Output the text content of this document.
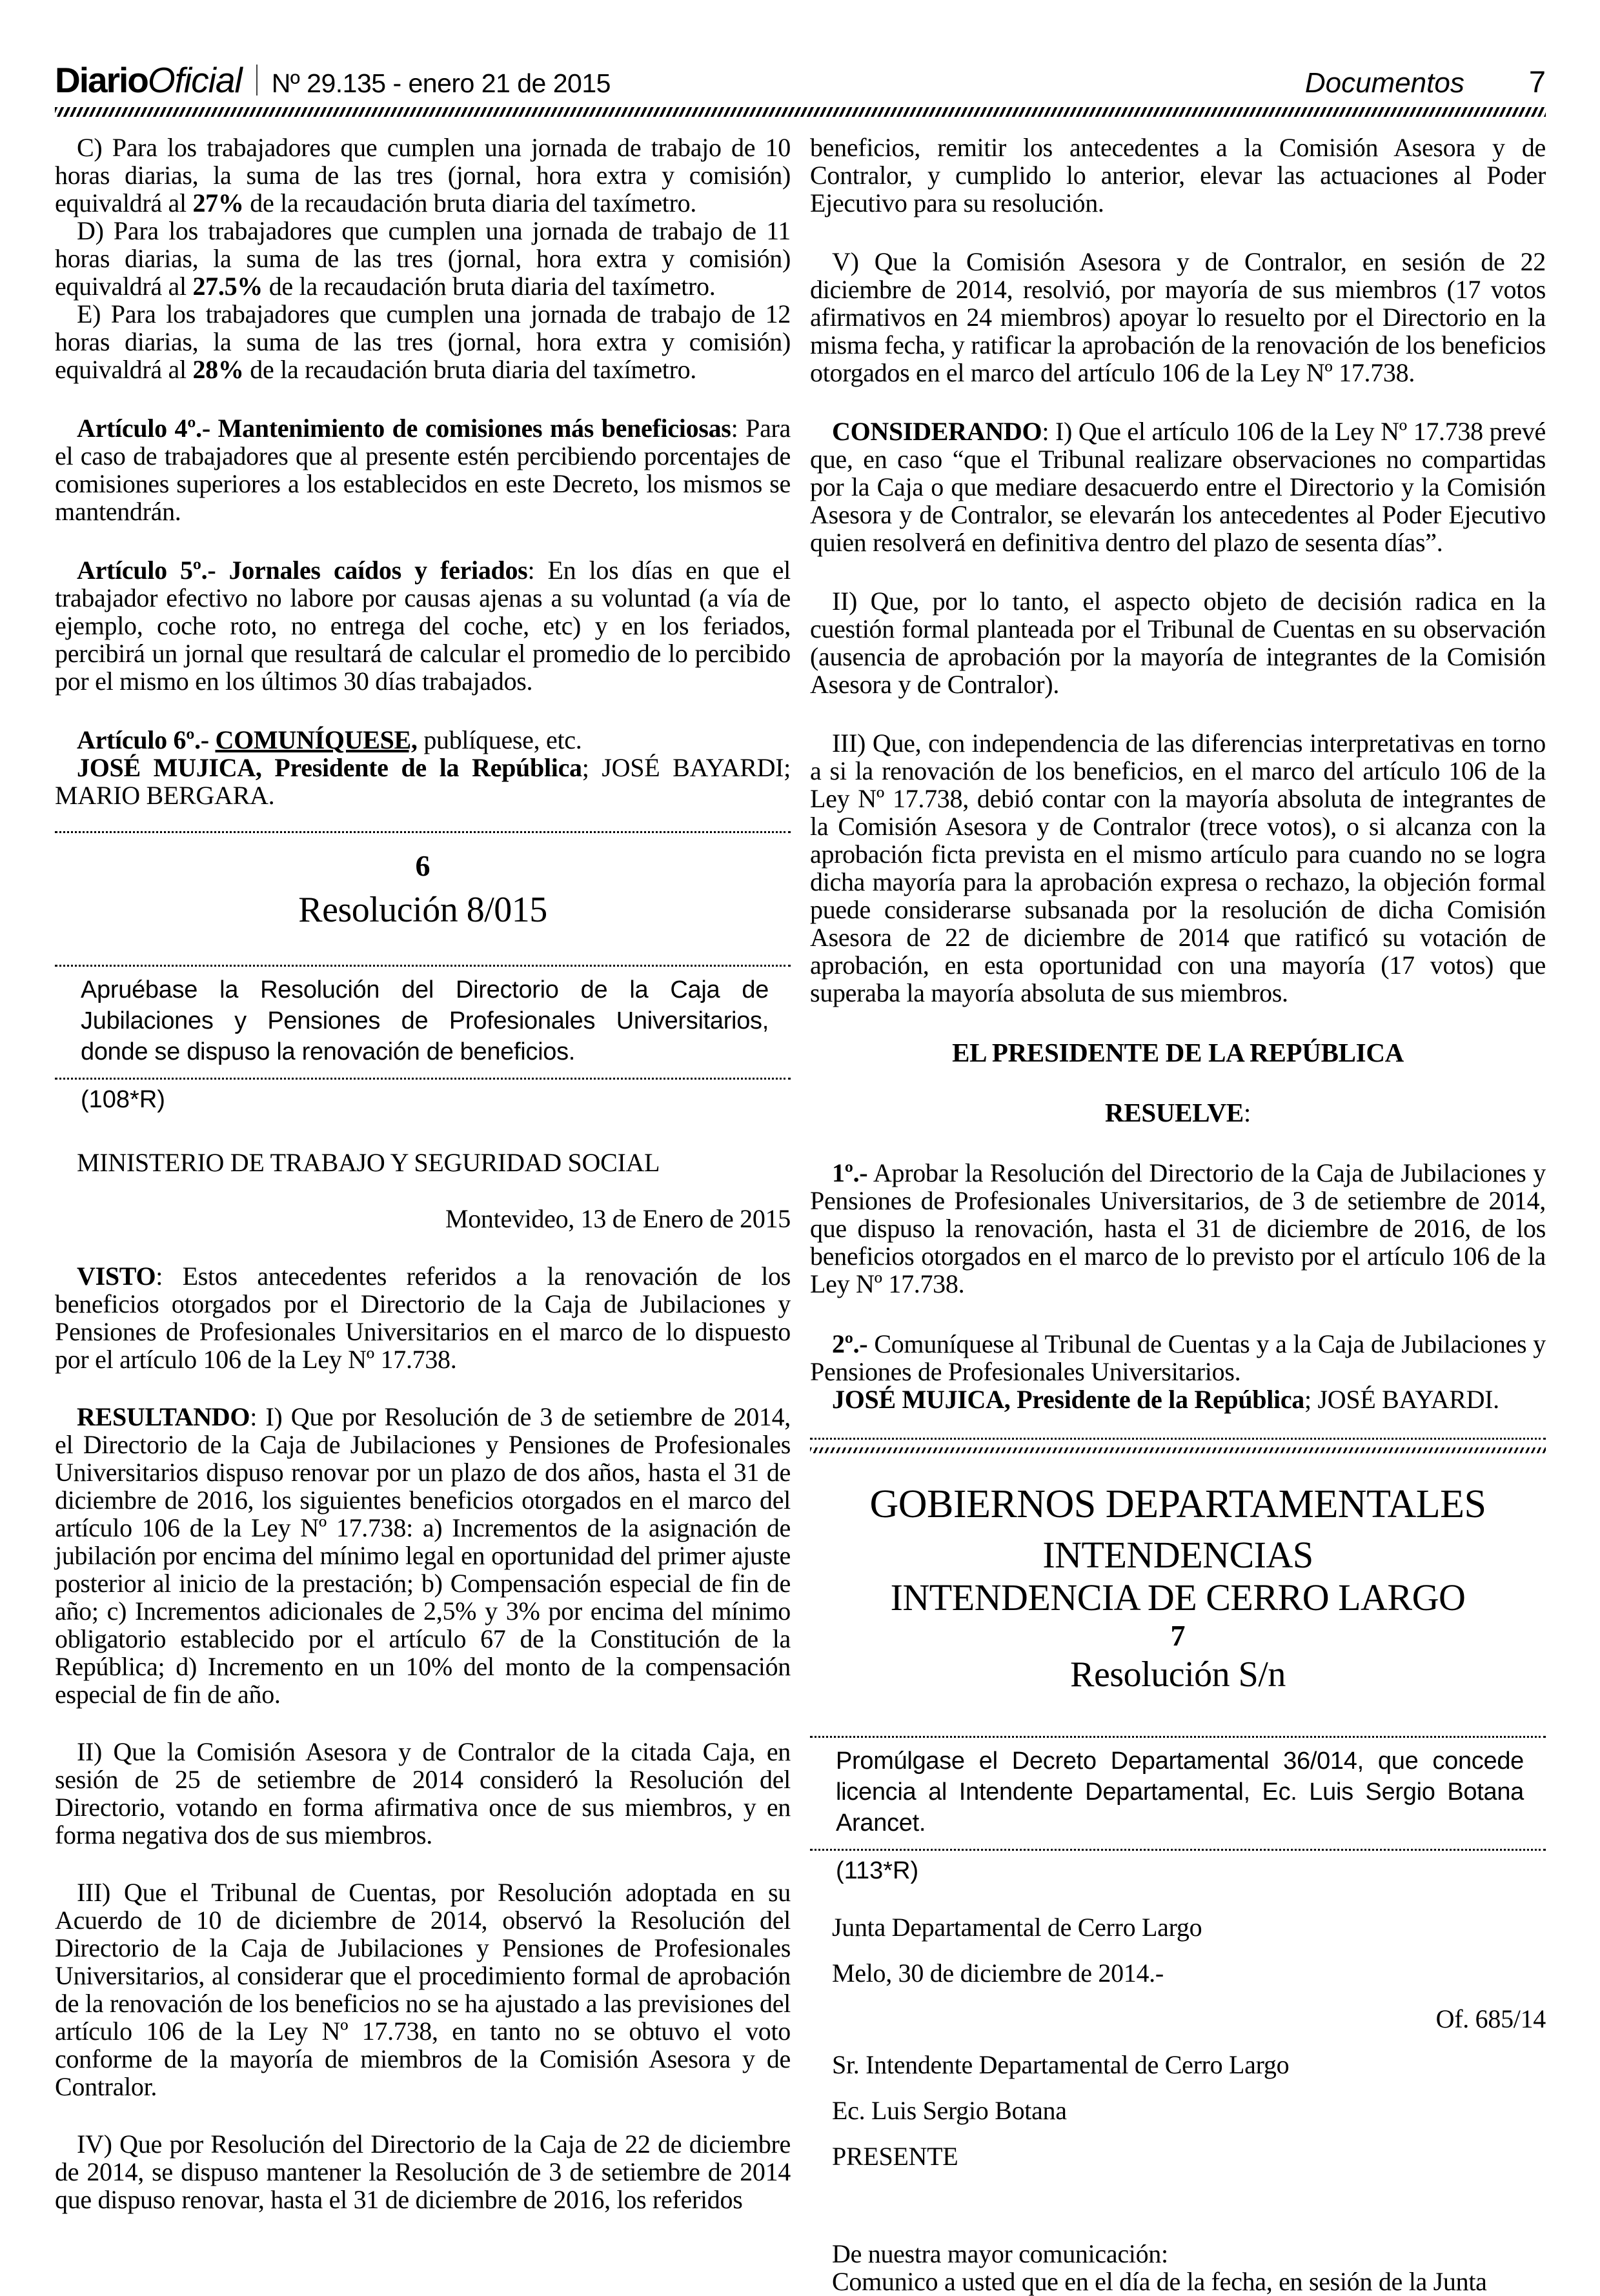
Diario Oficial Nº 29.135 - enero 21 de 2015	Documentos 7

C) Para los trabajadores que cumplen una jornada de trabajo de 10 horas diarias, la suma de las tres (jornal, hora extra y comisión) equivaldrá al 27% de la recaudación bruta diaria del taxímetro.

D) Para los trabajadores que cumplen una jornada de trabajo de 11 horas diarias, la suma de las tres (jornal, hora extra y comisión) equivaldrá al 27.5% de la recaudación bruta diaria del taxímetro.

E) Para los trabajadores que cumplen una jornada de trabajo de 12 horas diarias, la suma de las tres (jornal, hora extra y comisión) equivaldrá al 28% de la recaudación bruta diaria del taxímetro.

Artículo 4º.- Mantenimiento de comisiones más beneficiosas: Para el caso de trabajadores que al presente estén percibiendo porcentajes de comisiones superiores a los establecidos en este Decreto, los mismos se mantendrán.

Artículo 5º.- Jornales caídos y feriados: En los días en que el trabajador efectivo no labore por causas ajenas a su voluntad (a vía de ejemplo, coche roto, no entrega del coche, etc) y en los feriados, percibirá un jornal que resultará de calcular el promedio de lo percibido por el mismo en los últimos 30 días trabajados.

Artículo 6º.- COMUNÍQUESE, publíquese, etc.

JOSÉ MUJICA, Presidente de la República; JOSÉ BAYARDI; MARIO BERGARA.

6

Resolución 8/015

Apruébase la Resolución del Directorio de la Caja de Jubilaciones y Pensiones de Profesionales Universitarios, donde se dispuso la renovación de beneficios.

(108*R)

MINISTERIO DE TRABAJO Y SEGURIDAD SOCIAL

Montevideo, 13 de Enero de 2015

VISTO: Estos antecedentes referidos a la renovación de los beneficios otorgados por el Directorio de la Caja de Jubilaciones y Pensiones de Profesionales Universitarios en el marco de lo dispuesto por el artículo 106 de la Ley Nº 17.738.

RESULTANDO: I) Que por Resolución de 3 de setiembre de 2014, el Directorio de la Caja de Jubilaciones y Pensiones de Profesionales Universitarios dispuso renovar por un plazo de dos años, hasta el 31 de diciembre de 2016, los siguientes beneficios otorgados en el marco del artículo 106 de la Ley Nº 17.738: a) Incrementos de la asignación de jubilación por encima del mínimo legal en oportunidad del primer ajuste posterior al inicio de la prestación; b) Compensación especial de fin de año; c) Incrementos adicionales de 2,5% y 3% por encima del mínimo obligatorio establecido por el artículo 67 de la Constitución de la República; d) Incremento en un 10% del monto de la compensación especial de fin de año.

II) Que la Comisión Asesora y de Contralor de la citada Caja, en sesión de 25 de setiembre de 2014 consideró la Resolución del Directorio, votando en forma afirmativa once de sus miembros, y en forma negativa dos de sus miembros.

III) Que el Tribunal de Cuentas, por Resolución adoptada en su Acuerdo de 10 de diciembre de 2014, observó la Resolución del Directorio de la Caja de Jubilaciones y Pensiones de Profesionales Universitarios, al considerar que el procedimiento formal de aprobación de la renovación de los beneficios no se ha ajustado a las previsiones del artículo 106 de la Ley Nº 17.738, en tanto no se obtuvo el voto conforme de la mayoría de miembros de la Comisión Asesora y de Contralor.

IV) Que por Resolución del Directorio de la Caja de 22 de diciembre de 2014, se dispuso mantener la Resolución de 3 de setiembre de 2014 que dispuso renovar, hasta el 31 de diciembre de 2016, los referidos

beneficios, remitir los antecedentes a la Comisión Asesora y de Contralor, y cumplido lo anterior, elevar las actuaciones al Poder Ejecutivo para su resolución.

V) Que la Comisión Asesora y de Contralor, en sesión de 22 diciembre de 2014, resolvió, por mayoría de sus miembros (17 votos afirmativos en 24 miembros) apoyar lo resuelto por el Directorio en la misma fecha, y ratificar la aprobación de la renovación de los beneficios otorgados en el marco del artículo 106 de la Ley Nº 17.738.

CONSIDERANDO: I) Que el artículo 106 de la Ley Nº 17.738 prevé que, en caso “que el Tribunal realizare observaciones no compartidas por la Caja o que mediare desacuerdo entre el Directorio y la Comisión Asesora y de Contralor, se elevarán los antecedentes al Poder Ejecutivo quien resolverá en definitiva dentro del plazo de sesenta días”.

II) Que, por lo tanto, el aspecto objeto de decisión radica en la cuestión formal planteada por el Tribunal de Cuentas en su observación (ausencia de aprobación por la mayoría de integrantes de la Comisión Asesora y de Contralor).

III) Que, con independencia de las diferencias interpretativas en torno a si la renovación de los beneficios, en el marco del artículo 106 de la Ley Nº 17.738, debió contar con la mayoría absoluta de integrantes de la Comisión Asesora y de Contralor (trece votos), o si alcanza con la aprobación ficta prevista en el mismo artículo para cuando no se logra dicha mayoría para la aprobación expresa o rechazo, la objeción formal puede considerarse subsanada por la resolución de dicha Comisión Asesora de 22 de diciembre de 2014 que ratificó su votación de aprobación, en esta oportunidad con una mayoría (17 votos) que superaba la mayoría absoluta de sus miembros.

EL PRESIDENTE DE LA REPÚBLICA

RESUELVE:

1º.- Aprobar la Resolución del Directorio de la Caja de Jubilaciones y Pensiones de Profesionales Universitarios, de 3 de setiembre de 2014, que dispuso la renovación, hasta el 31 de diciembre de 2016, de los beneficios otorgados en el marco de lo previsto por el artículo 106 de la Ley Nº 17.738.

2º.- Comuníquese al Tribunal de Cuentas y a la Caja de Jubilaciones y Pensiones de Profesionales Universitarios.

JOSÉ MUJICA, Presidente de la República; JOSÉ BAYARDI.

GOBIERNOS DEPARTAMENTALES

INTENDENCIAS

INTENDENCIA DE CERRO LARGO

7

Resolución S/n

Promúlgase el Decreto Departamental 36/014, que concede licencia al Intendente Departamental, Ec. Luis Sergio Botana Arancet.

(113*R)

Junta Departamental de Cerro Largo

Melo, 30 de diciembre de 2014.-

Of. 685/14

Sr. Intendente Departamental de Cerro Largo

Ec. Luis Sergio Botana

PRESENTE

De nuestra mayor comunicación:

Comunico a usted que en el día de la fecha, en sesión de la Junta
